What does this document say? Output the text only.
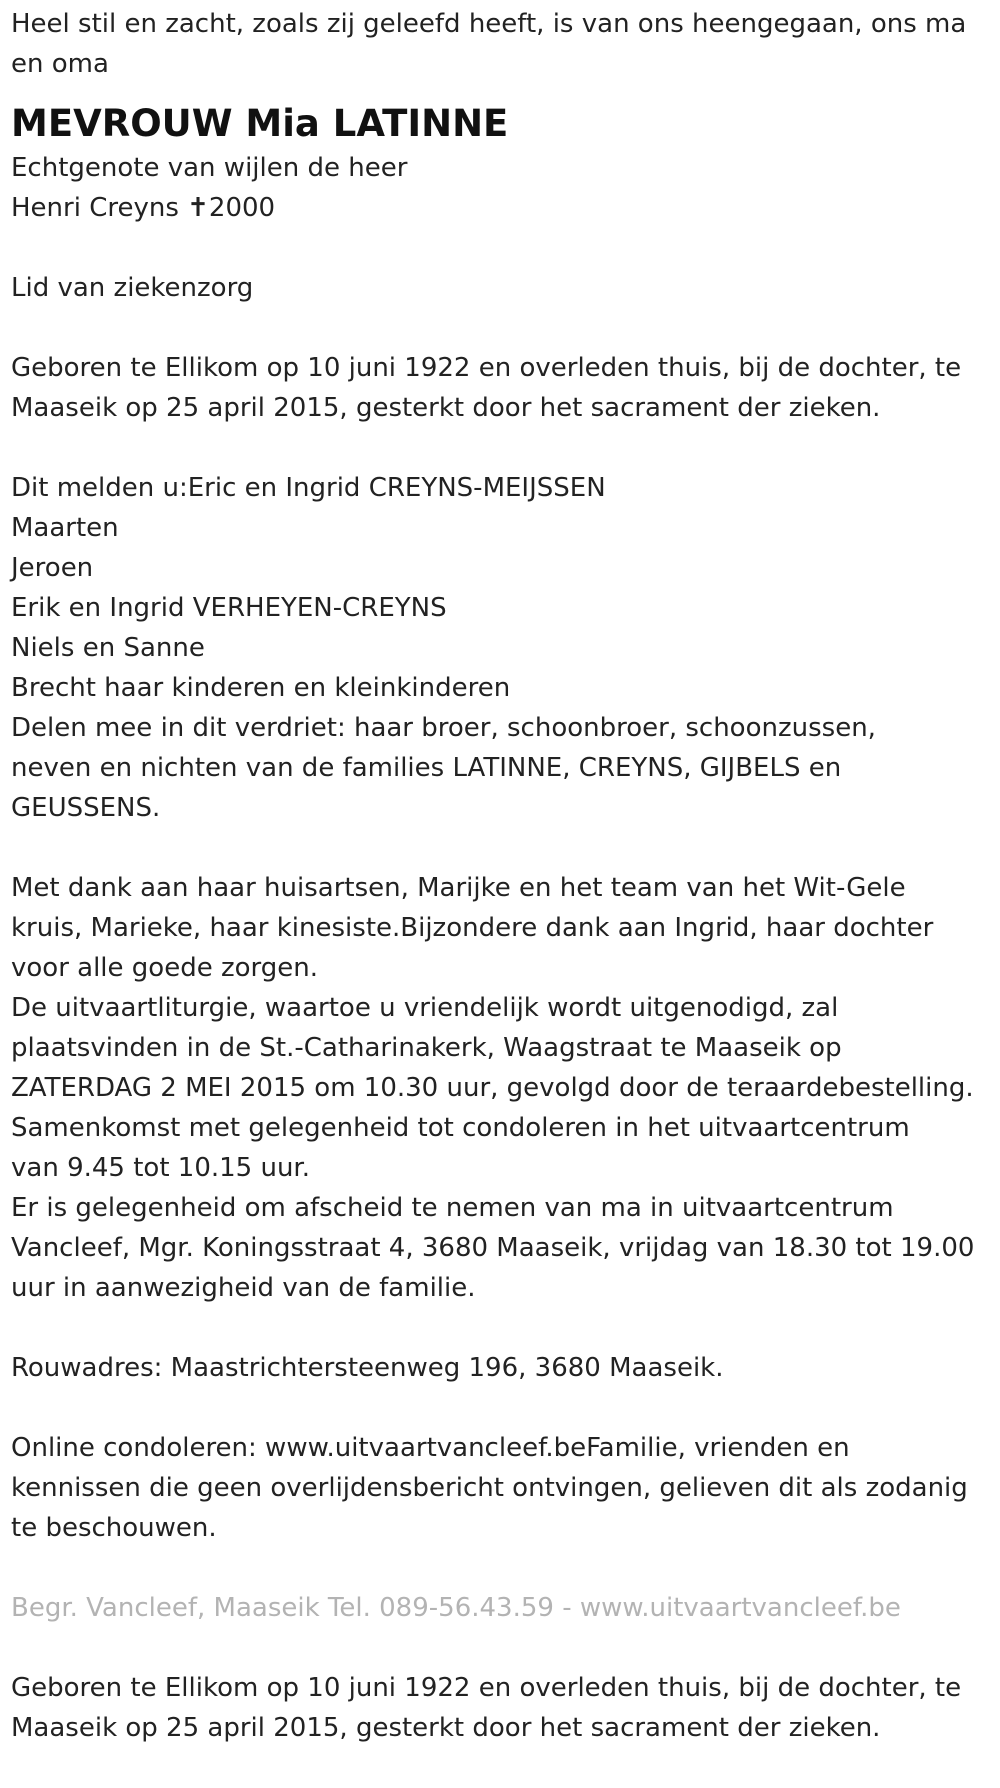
Heel stil en zacht, zoals zij geleefd heeft, is van ons heengegaan, ons ma
en oma
MEVROUW Mia LATINNE
Echtgenote van wijlen de heer
Henri Creyns ✝2000
Lid van ziekenzorg
Geboren te Ellikom op 10 juni 1922 en overleden thuis, bij de dochter, te
Maaseik op 25 april 2015, gesterkt door het sacrament der zieken.
Dit melden u:Eric en Ingrid CREYNS-MEIJSSEN
Maarten
Jeroen
Erik en Ingrid VERHEYEN-CREYNS
Niels en Sanne
Brecht haar kinderen en kleinkinderen
Delen mee in dit verdriet: haar broer, schoonbroer, schoonzussen,
neven en nichten van de families LATINNE, CREYNS, GIJBELS en
GEUSSENS.
Met dank aan haar huisartsen, Marijke en het team van het Wit-Gele
kruis, Marieke, haar kinesiste.Bijzondere dank aan Ingrid, haar dochter
voor alle goede zorgen.
De uitvaartliturgie, waartoe u vriendelijk wordt uitgenodigd, zal
plaatsvinden in de St.-Catharinakerk, Waagstraat te Maaseik op
ZATERDAG 2 MEI 2015 om 10.30 uur, gevolgd door de teraardebestelling.
Samenkomst met gelegenheid tot condoleren in het uitvaartcentrum
van 9.45 tot 10.15 uur.
Er is gelegenheid om afscheid te nemen van ma in uitvaartcentrum
Vancleef, Mgr. Koningsstraat 4, 3680 Maaseik, vrijdag van 18.30 tot 19.00
uur in aanwezigheid van de familie.
Rouwadres: Maastrichtersteenweg 196, 3680 Maaseik.
Online condoleren: www.uitvaartvancleef.beFamilie, vrienden en
kennissen die geen overlijdensbericht ontvingen, gelieven dit als zodanig
te beschouwen.
Begr. Vancleef, Maaseik Tel. 089-56.43.59 - www.uitvaartvancleef.be
Geboren te Ellikom op 10 juni 1922 en overleden thuis, bij de dochter, te
Maaseik op 25 april 2015, gesterkt door het sacrament der zieken.
